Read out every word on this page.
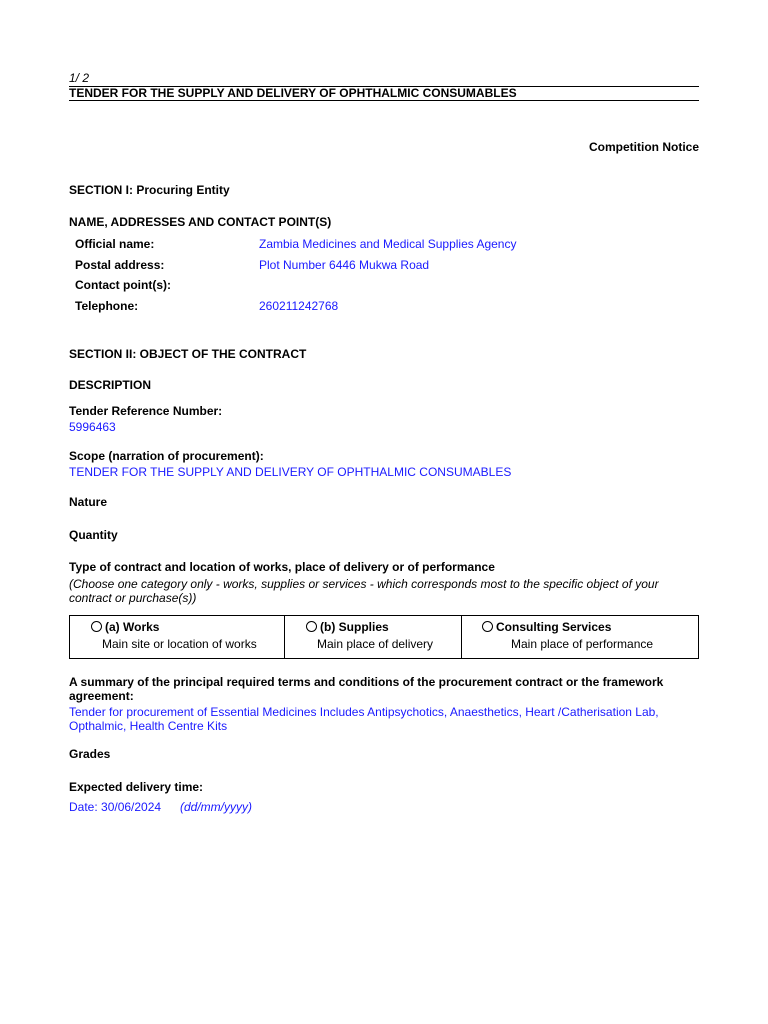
1/ 2
TENDER FOR THE SUPPLY AND DELIVERY OF OPHTHALMIC CONSUMABLES
Competition Notice
SECTION I: Procuring Entity
NAME, ADDRESSES AND CONTACT POINT(S)
Official name:	Zambia Medicines and Medical Supplies Agency
Postal address:	Plot Number 6446 Mukwa Road
Contact point(s):
Telephone:	260211242768
SECTION II: OBJECT OF THE CONTRACT
DESCRIPTION
Tender Reference Number:
5996463
Scope (narration of procurement):
TENDER FOR THE SUPPLY AND DELIVERY OF OPHTHALMIC CONSUMABLES
Nature
Quantity
Type of contract and location of works, place of delivery or of performance
(Choose one category only - works, supplies or services - which corresponds most to the specific object of your contract or purchase(s))
(a) Works
Main site or location of works
(b) Supplies
Main place of delivery
Consulting Services
Main place of performance
A summary of the principal required terms and conditions of the procurement contract or the framework agreement:
Tender for procurement of Essential Medicines Includes Antipsychotics, Anaesthetics, Heart /Catherisation Lab, Opthalmic, Health Centre Kits
Grades
Expected delivery time:
Date: 30/06/2024 (dd/mm/yyyy)
